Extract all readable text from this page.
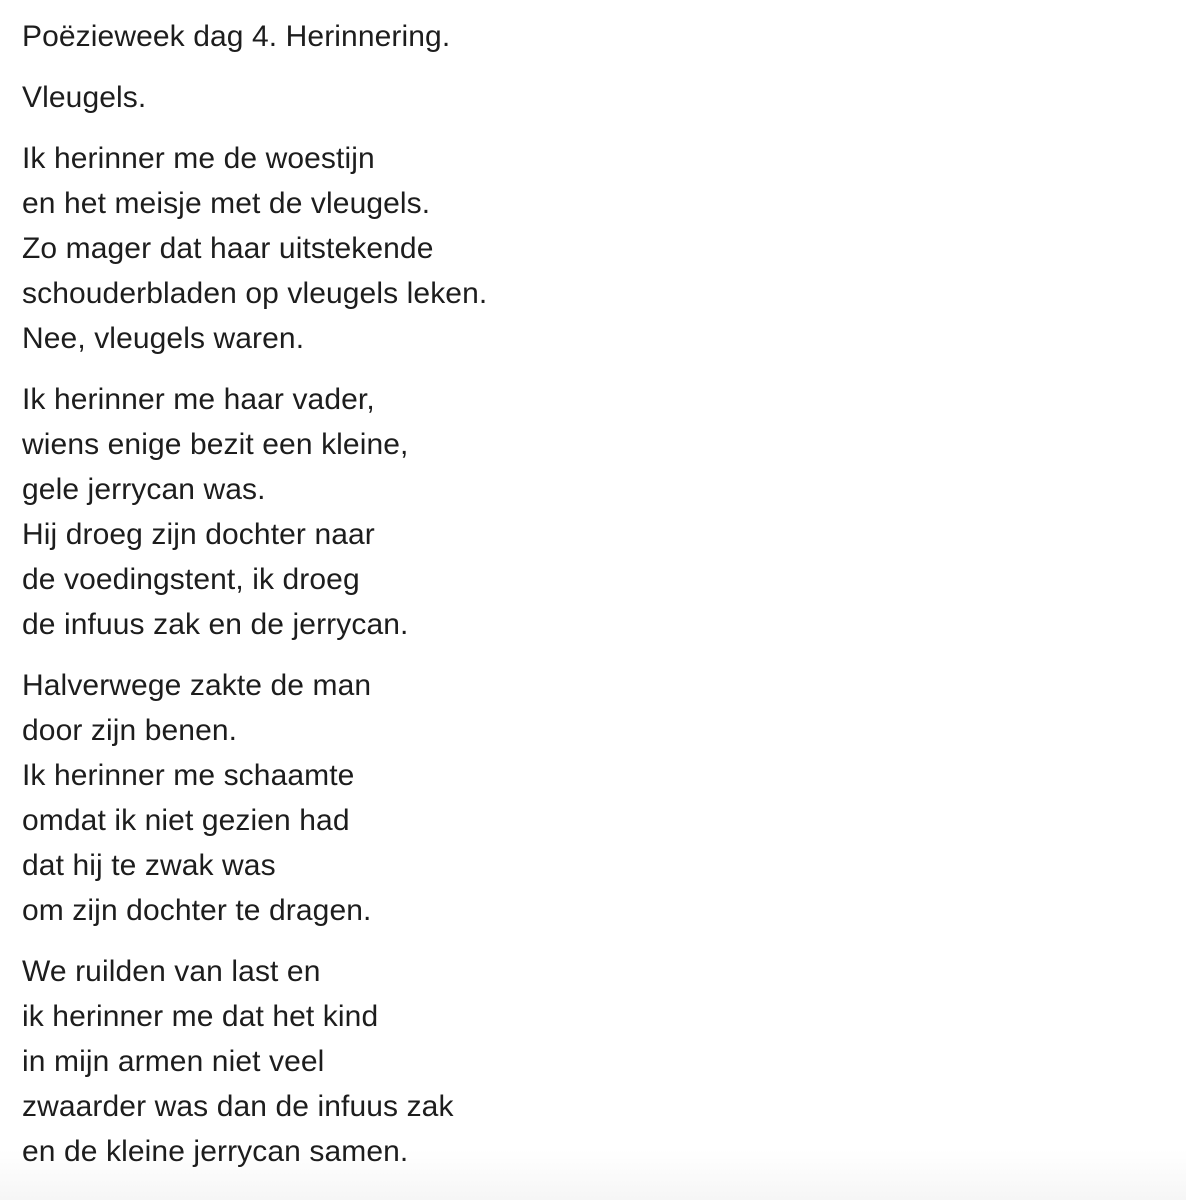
Poëzieweek dag 4. Herinnering.

Vleugels.

Ik herinner me de woestijn
en het meisje met de vleugels.
Zo mager dat haar uitstekende
schouderbladen op vleugels leken.
Nee, vleugels waren.

Ik herinner me haar vader,
wiens enige bezit een kleine,
gele jerrycan was.
Hij droeg zijn dochter naar
de voedingstent, ik droeg
de infuus zak en de jerrycan.

Halverwege zakte de man
door zijn benen.
Ik herinner me schaamte
omdat ik niet gezien had
dat hij te zwak was
om zijn dochter te dragen.

We ruilden van last en
ik herinner me dat het kind
in mijn armen niet veel
zwaarder was dan de infuus zak
en de kleine jerrycan samen.
